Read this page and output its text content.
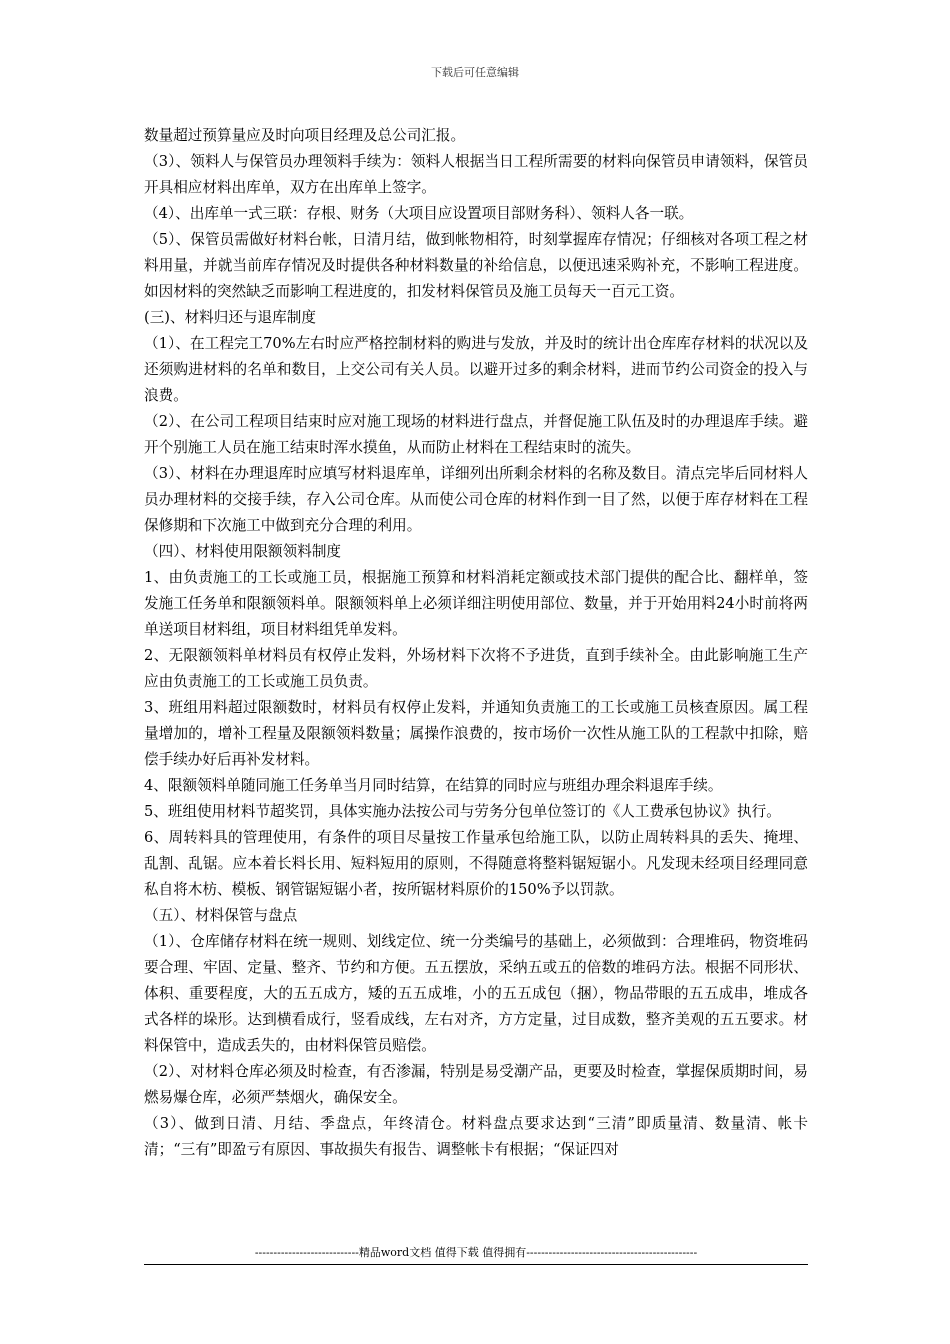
下载后可任意编辑

数量超过预算量应及时向项目经理及总公司汇报。

（3）、领料人与保管员办理领料手续为：领料人根据当日工程所需要的材料向保管员申请领料，保管员开具相应材料出库单，双方在出库单上签字。

（4）、出库单一式三联：存根、财务（大项目应设置项目部财务科）、领料人各一联。

（5）、保管员需做好材料台帐，日清月结，做到帐物相符，时刻掌握库存情况；仔细核对各项工程之材料用量，并就当前库存情况及时提供各种材料数量的补给信息，以便迅速采购补充，不影响工程进度。如因材料的突然缺乏而影响工程进度的，扣发材料保管员及施工员每天一百元工资。

(三)、材料归还与退库制度

（1）、在工程完工70%左右时应严格控制材料的购进与发放，并及时的统计出仓库库存材料的状况以及还须购进材料的名单和数目，上交公司有关人员。以避开过多的剩余材料，进而节约公司资金的投入与浪费。

（2）、在公司工程项目结束时应对施工现场的材料进行盘点，并督促施工队伍及时的办理退库手续。避开个别施工人员在施工结束时浑水摸鱼，从而防止材料在工程结束时的流失。

（3）、材料在办理退库时应填写材料退库单，详细列出所剩余材料的名称及数目。清点完毕后同材料人员办理材料的交接手续，存入公司仓库。从而使公司仓库的材料作到一目了然，以便于库存材料在工程保修期和下次施工中做到充分合理的利用。

（四）、材料使用限额领料制度

1、由负责施工的工长或施工员，根据施工预算和材料消耗定额或技术部门提供的配合比、翻样单，签发施工任务单和限额领料单。限额领料单上必须详细注明使用部位、数量，并于开始用料24小时前将两单送项目材料组，项目材料组凭单发料。

2、无限额领料单材料员有权停止发料，外场材料下次将不予进货，直到手续补全。由此影响施工生产应由负责施工的工长或施工员负责。

3、班组用料超过限额数时，材料员有权停止发料，并通知负责施工的工长或施工员核查原因。属工程量增加的，增补工程量及限额领料数量；属操作浪费的，按市场价一次性从施工队的工程款中扣除，赔偿手续办好后再补发材料。

4、限额领料单随同施工任务单当月同时结算，在结算的同时应与班组办理余料退库手续。

5、班组使用材料节超奖罚，具体实施办法按公司与劳务分包单位签订的《人工费承包协议》执行。

6、周转料具的管理使用，有条件的项目尽量按工作量承包给施工队，以防止周转料具的丢失、掩埋、乱割、乱锯。应本着长料长用、短料短用的原则，不得随意将整料锯短锯小。凡发现未经项目经理同意私自将木枋、模板、钢管锯短锯小者，按所锯材料原价的150%予以罚款。

（五）、材料保管与盘点

（1）、仓库储存材料在统一规则、划线定位、统一分类编号的基础上，必须做到：合理堆码，物资堆码要合理、牢固、定量、整齐、节约和方便。五五摆放，采纳五或五的倍数的堆码方法。根据不同形状、体积、重要程度，大的五五成方，矮的五五成堆，小的五五成包（捆），物品带眼的五五成串，堆成各式各样的垛形。达到横看成行，竖看成线，左右对齐，方方定量，过目成数，整齐美观的五五要求。材料保管中，造成丢失的，由材料保管员赔偿。

（2）、对材料仓库必须及时检查，有否渗漏，特别是易受潮产品，更要及时检查，掌握保质期时间，易燃易爆仓库，必须严禁烟火，确保安全。

（3）、做到日清、月结、季盘点，年终清仓。材料盘点要求达到“三清”即质量清、数量清、帐卡清；“三有”即盈亏有原因、事故损失有报告、调整帐卡有根据；“保证四对

----------------------------精品word文档 值得下载 值得拥有----------------------------------------------
